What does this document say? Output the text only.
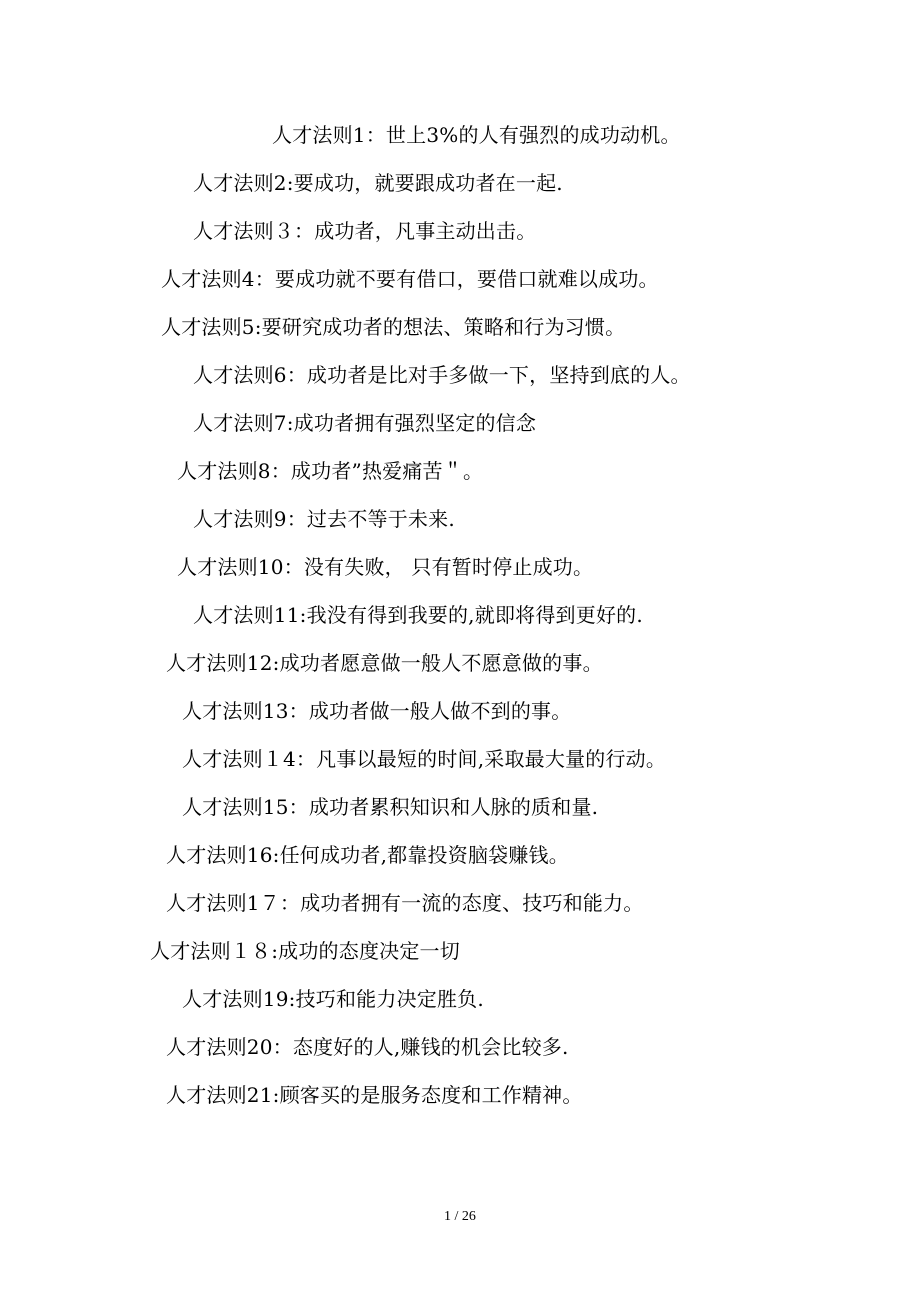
人才法则1：世上3%的人有强烈的成功动机。
人才法则2:要成功，就要跟成功者在一起.
人才法则３：成功者，凡事主动出击。
人才法则4：要成功就不要有借口，要借口就难以成功。
人才法则5:要研究成功者的想法、策略和行为习惯。
人才法则6：成功者是比对手多做一下，坚持到底的人。
人才法则7:成功者拥有强烈坚定的信念
人才法则8：成功者”热爱痛苦＂。
人才法则9：过去不等于未来.
人才法则10：没有失败， 只有暂时停止成功。
人才法则11:我没有得到我要的,就即将得到更好的.
人才法则12:成功者愿意做一般人不愿意做的事。
人才法则13：成功者做一般人做不到的事。
人才法则１4：凡事以最短的时间,采取最大量的行动。
人才法则15：成功者累积知识和人脉的质和量.
人才法则16:任何成功者,都靠投资脑袋赚钱。
人才法则1７：成功者拥有一流的态度、技巧和能力。
人才法则１８:成功的态度决定一切
人才法则19:技巧和能力决定胜负.
人才法则20：态度好的人,赚钱的机会比较多.
人才法则21:顾客买的是服务态度和工作精神。
1 / 26
